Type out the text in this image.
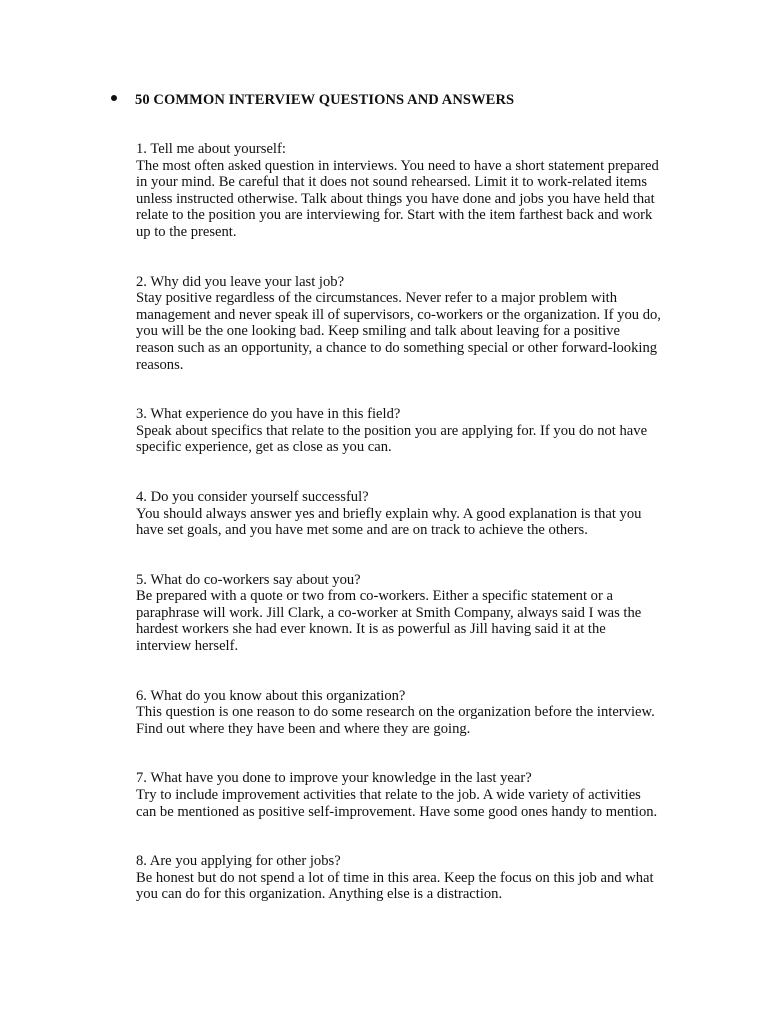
50 COMMON INTERVIEW QUESTIONS AND ANSWERS

1. Tell me about yourself:
The most often asked question in interviews. You need to have a short statement prepared in your mind. Be careful that it does not sound rehearsed. Limit it to work-related items unless instructed otherwise. Talk about things you have done and jobs you have held that relate to the position you are interviewing for. Start with the item farthest back and work up to the present.

2. Why did you leave your last job?
Stay positive regardless of the circumstances. Never refer to a major problem with management and never speak ill of supervisors, co-workers or the organization. If you do, you will be the one looking bad. Keep smiling and talk about leaving for a positive reason such as an opportunity, a chance to do something special or other forward-looking reasons.

3. What experience do you have in this field?
Speak about specifics that relate to the position you are applying for. If you do not have specific experience, get as close as you can.

4. Do you consider yourself successful?
You should always answer yes and briefly explain why. A good explanation is that you have set goals, and you have met some and are on track to achieve the others.

5. What do co-workers say about you?
Be prepared with a quote or two from co-workers. Either a specific statement or a paraphrase will work. Jill Clark, a co-worker at Smith Company, always said I was the hardest workers she had ever known. It is as powerful as Jill having said it at the interview herself.

6. What do you know about this organization?
This question is one reason to do some research on the organization before the interview. Find out where they have been and where they are going.

7. What have you done to improve your knowledge in the last year?
Try to include improvement activities that relate to the job. A wide variety of activities can be mentioned as positive self-improvement. Have some good ones handy to mention.

8. Are you applying for other jobs?
Be honest but do not spend a lot of time in this area. Keep the focus on this job and what you can do for this organization. Anything else is a distraction.
